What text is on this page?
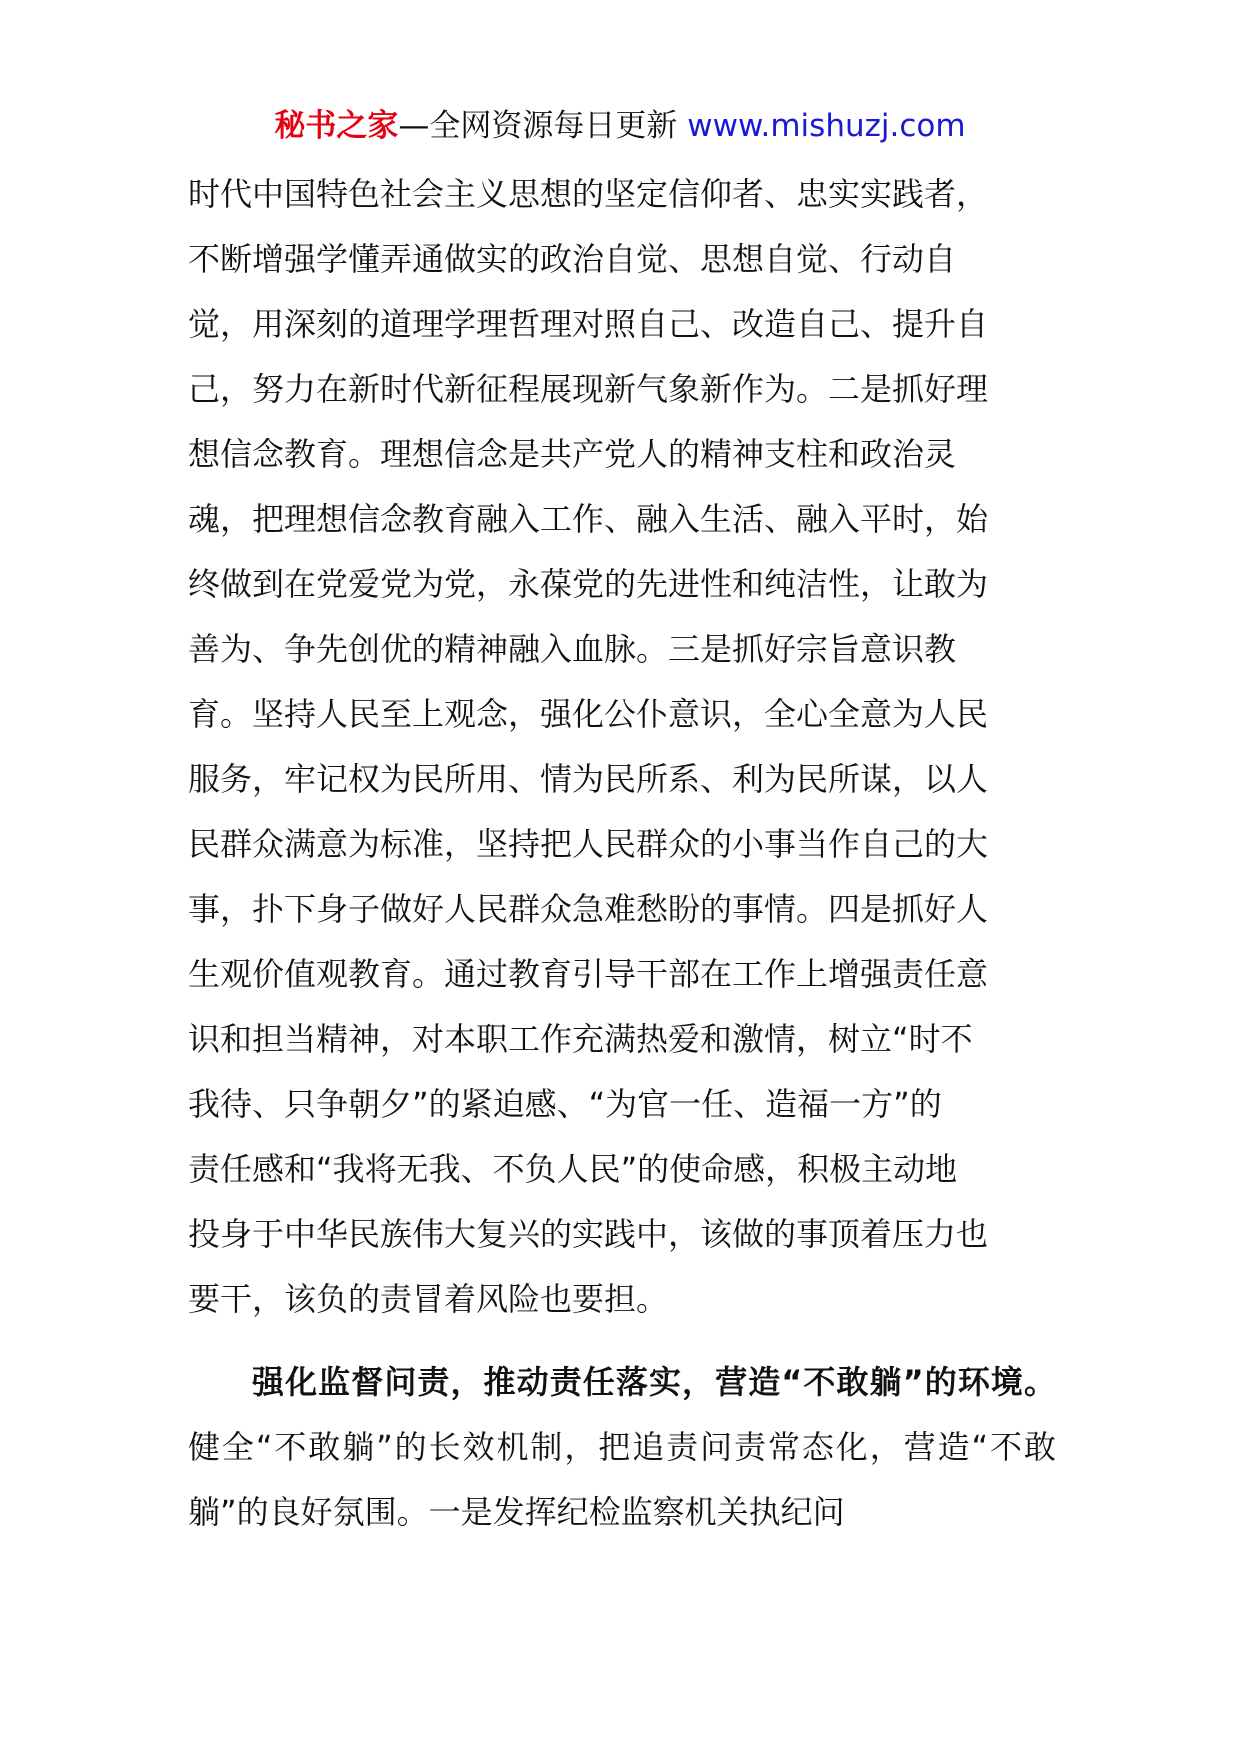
秘书之家—全网资源每日更新 www.mishuzj.com

时代中国特色社会主义思想的坚定信仰者、忠实实践者，
不断增强学懂弄通做实的政治自觉、思想自觉、行动自
觉，用深刻的道理学理哲理对照自己、改造自己、提升自
己，努力在新时代新征程展现新气象新作为。二是抓好理
想信念教育。理想信念是共产党人的精神支柱和政治灵
魂，把理想信念教育融入工作、融入生活、融入平时，始
终做到在党爱党为党，永葆党的先进性和纯洁性，让敢为
善为、争先创优的精神融入血脉。三是抓好宗旨意识教
育。坚持人民至上观念，强化公仆意识，全心全意为人民
服务，牢记权为民所用、情为民所系、利为民所谋，以人
民群众满意为标准，坚持把人民群众的小事当作自己的大
事，扑下身子做好人民群众急难愁盼的事情。四是抓好人
生观价值观教育。通过教育引导干部在工作上增强责任意
识和担当精神，对本职工作充满热爱和激情，树立“时不
我待、只争朝夕”的紧迫感、“为官一任、造福一方”的
责任感和“我将无我、不负人民”的使命感，积极主动地
投身于中华民族伟大复兴的实践中，该做的事顶着压力也
要干，该负的责冒着风险也要担。

强化监督问责，推动责任落实，营造“不敢躺”的环境。健全“不敢躺”的长效机制，把追责问责常态化，营造“不敢躺”的良好氛围。一是发挥纪检监察机关执纪问
